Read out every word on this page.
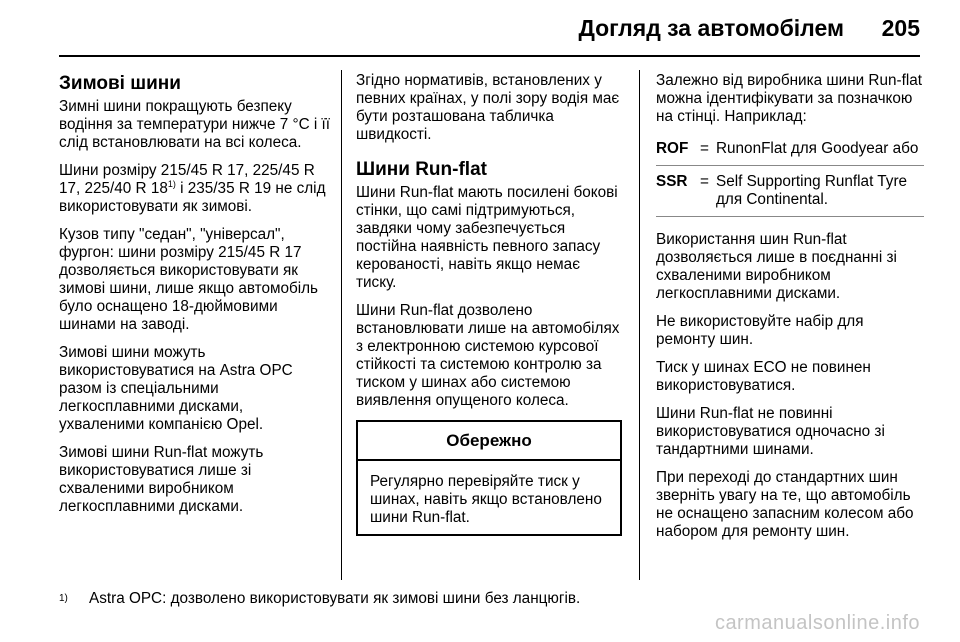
Догляд за автомобілем 205
Зимові шини

Зимні шини покращують безпеку водіння за температури нижче 7 °C і її слід встановлювати на всі колеса.

Шини розміру 215/45 R 17, 225/45 R 17, 225/40 R 18$^{1)}$ і 235/35 R 19 не слід використовувати як зимові.

Кузов типу "седан", "універсал", фургон: шини розміру 215/45 R 17 дозволяється використовувати як зимові шини, лише якщо автомобіль було оснащено 18-дюймовими шинами на заводі.

Зимові шини можуть використовуватися на Astra OPC разом із спеціальними легкосплавними дисками, ухваленими компанією Opel.

Зимові шини Run-flat можуть використовуватися лише зі схваленими виробником легкосплавними дисками.

Згідно нормативів, встановлених у певних країнах, у полі зору водія має бути розташована табличка швидкості.

Шини Run-flat

Шини Run-flat мають посилені бокові стінки, що самі підтримуються, завдяки чому забезпечується постійна наявність певного запасу керованості, навіть якщо немає тиску.

Шини Run-flat дозволено встановлювати лише на автомобілях з електронною системою курсової стійкості та системою контролю за тиском у шинах або системою виявлення опущеного колеса.

Обережно
Регулярно перевіряйте тиск у шинах, навіть якщо встановлено шини Run-flat.

Залежно від виробника шини Run-flat можна ідентифікувати за позначкою на стінці. Наприклад:

ROF = RunonFlat для Goodyear або
SSR = Self Supporting Runflat Tyre для Continental.

Використання шин Run-flat дозволяється лише в поєднанні зі схваленими виробником легкосплавними дисками.

Не використовуйте набір для ремонту шин.

Тиск у шинах ECO не повинен використовуватися.

Шини Run-flat не повинні використовуватися одночасно зі тандартними шинами.

При переході до стандартних шин зверніть увагу на те, що автомобіль не оснащено запасним колесом або набором для ремонту шин.

1) Astra OPC: дозволено використовувати як зимові шини без ланцюгів.
carmanualsonline.info
